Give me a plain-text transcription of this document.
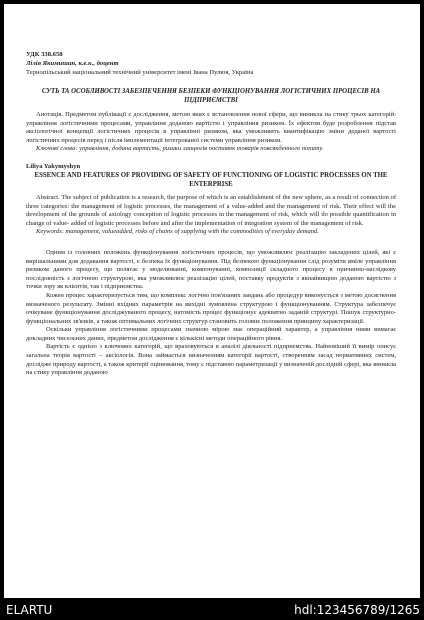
УДК 338.658
Лілія Якимишин, к.е.н., доцент
Тернопільський національний технічний університет імені Івана Пулюя, Україна
СУТЬ ТА ОСОБЛИВОСТІ ЗАБЕЗПЕЧЕННЯ БЕЗПЕКИ ФУНКЦІОНУВАННЯ ЛОГІСТИЧНИХ ПРОЦЕСІВ НА ПІДПРИЄМСТВІ

Анотація. Предметом публікації є дослідження, метою яких є встановлення нової сфери, що виникла на стику трьох категорій: управління логістичними процесами, управління доданою вартістю і управління ризиком. Їх ефектом буде розроблення підстав аксіологічної концепції логістичних процесів в управлінні ризиком, яка уможливить квантифікацію зміни доданої вартості логістичних процесів перед і після імплементації інтегрованої системи управління ризиком.

Ключові слова: управління, додана вартість, ризики ланцюгів поставок товарів повсякденного попиту.

Liliya Yakymyshyn
ESSENCE AND FEATURES OF PROVIDING OF SAFETY OF FUNCTIONING OF LOGISTIC PROCESSES ON THE ENTERPRISE

Abstract. The subject of publication is a research, the purpose of which is an establishment of the new sphere, as a result of connection of three categories: the management of logistic processes, the management of a value-added and the management of risk. Their effect will the development of the grounds of axiology conception of logistic processes in the management of risk, which will do possible quantification in change of value- added of logistic processes before and after the implementation of integration system of the management of risk.

Keywords: management, valueadded, risks of chains of supplying with the commodities of everyday demand.

Одним із головних положень функціонування логістичних процесів, що уможливлює реалізацію закладених цілей, які є вирішальними для додавання вартості, є безпека їх функціонування. Під безпекою функціонування слід розуміти вміле управління ризиком даного процесу, що полягає у моделюванні, компонуванні, композиції складного процесу в причинно-наслідкову послідовність з логічною структурою, яка уможливлює реалізацію цілей, поставку продуктів з якнайвищою доданою вартістю з точки зору як клієнтів, так і підприємства.

Кожен процес характеризується тим, що комплекс логічно пов'язаних завдань або процедур виконується з метою досягнення визначеного результату. Змінні вхідних параметрів на вихідні зумовлена структурою і функціонуванням. Структура забезпечує очікуване функціонування досліджуваного процесу, натомість процес функціонує адекватно заданій структурі. Пошук структурно-функціональних зв'язків, а також оптимальних логічних структур становить головне положення принципу характеризації.

Оскільки управління логістичними процесами значною мірою має операційний характер, а управління ними вимагає докладних чисельних даних, предметом дослідження є кількісні методи операційного рівня.

Вартість є однією з ключових категорій, що враховуються в аналізі діяльності підприємства. Найновіший її вимір описує загальна теорія вартості – аксіологія. Вона займається визначенням категорії вартості, створенням засад нормативних систем, дослідже природу вартості, а також критерії оцінювання, тому є підставою параметризації у визначеній дослідній сфері, яка виникла на стику управління доданою

ELARTU	hdl:123456789/1265
